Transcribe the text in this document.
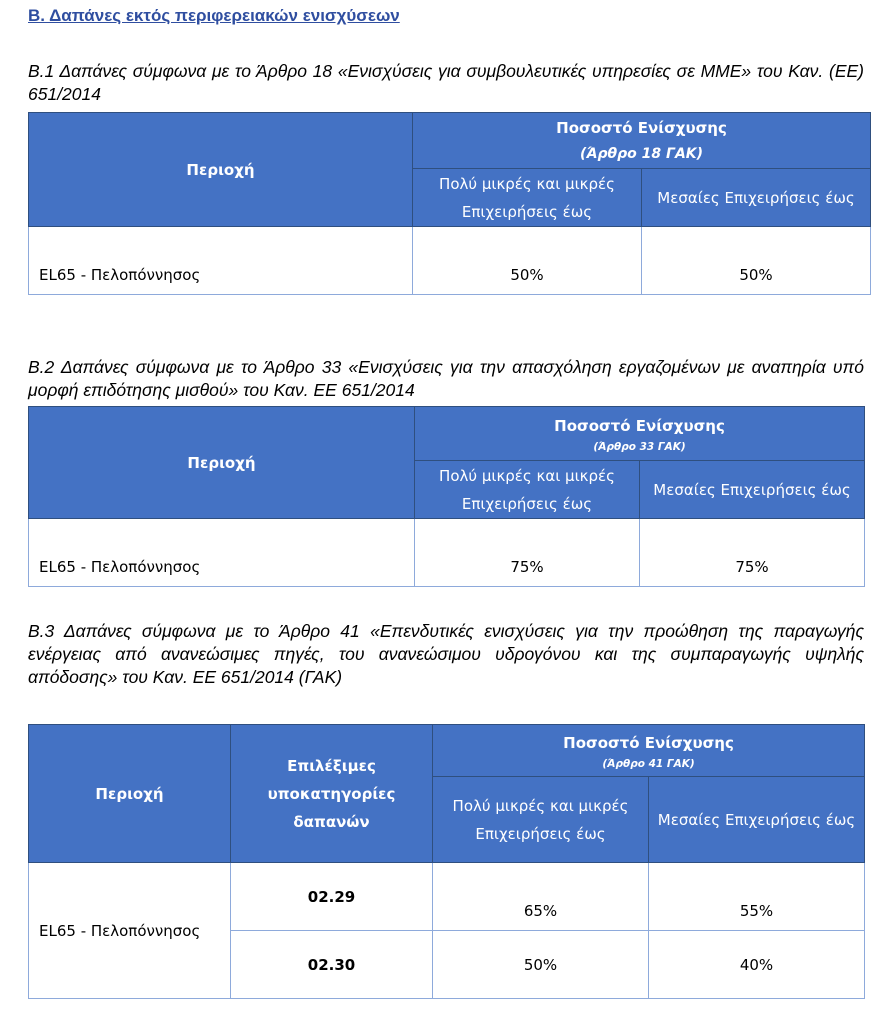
Β. Δαπάνες εκτός περιφερειακών ενισχύσεων
Β.1 Δαπάνες σύμφωνα με το Άρθρο 18 «Ενισχύσεις για συμβουλευτικές υπηρεσίες σε ΜΜΕ» του Καν. (ΕΕ) 651/2014
Περιοχή	Ποσοστό Ενίσχυσης
(Άρθρο 18 ΓΑΚ)	

	Πολύ μικρές και μικρές Επιχειρήσεις έως	Μεσαίες Επιχειρήσεις έως
EL65 - Πελοπόννησος	50%	50%
Β.2 Δαπάνες σύμφωνα με το Άρθρο 33 «Ενισχύσεις για την απασχόληση εργαζομένων με αναπηρία υπό μορφή επιδότησης μισθού» του Καν. ΕΕ 651/2014
Περιοχή	Ποσοστό Ενίσχυσης
(Άρθρο 33 ΓΑΚ)	

	Πολύ μικρές και μικρές Επιχειρήσεις έως	Μεσαίες Επιχειρήσεις έως
EL65 - Πελοπόννησος	75%	75%
Β.3 Δαπάνες σύμφωνα με το Άρθρο 41 «Επενδυτικές ενισχύσεις για την προώθηση της παραγωγής ενέργειας από ανανεώσιμες πηγές, του ανανεώσιμου υδρογόνου και της συμπαραγωγής υψηλής απόδοσης» του Καν. ΕΕ 651/2014 (ΓΑΚ)
Περιοχή	Επιλέξιμες υποκατηγορίες δαπανών	Ποσοστό Ενίσχυσης
(Άρθρο 41 ΓΑΚ)	

		Πολύ μικρές και μικρές Επιχειρήσεις έως	Μεσαίες Επιχειρήσεις έως
EL65 - Πελοπόννησος	02.29	65%	55%
	02.30	50%	40%
